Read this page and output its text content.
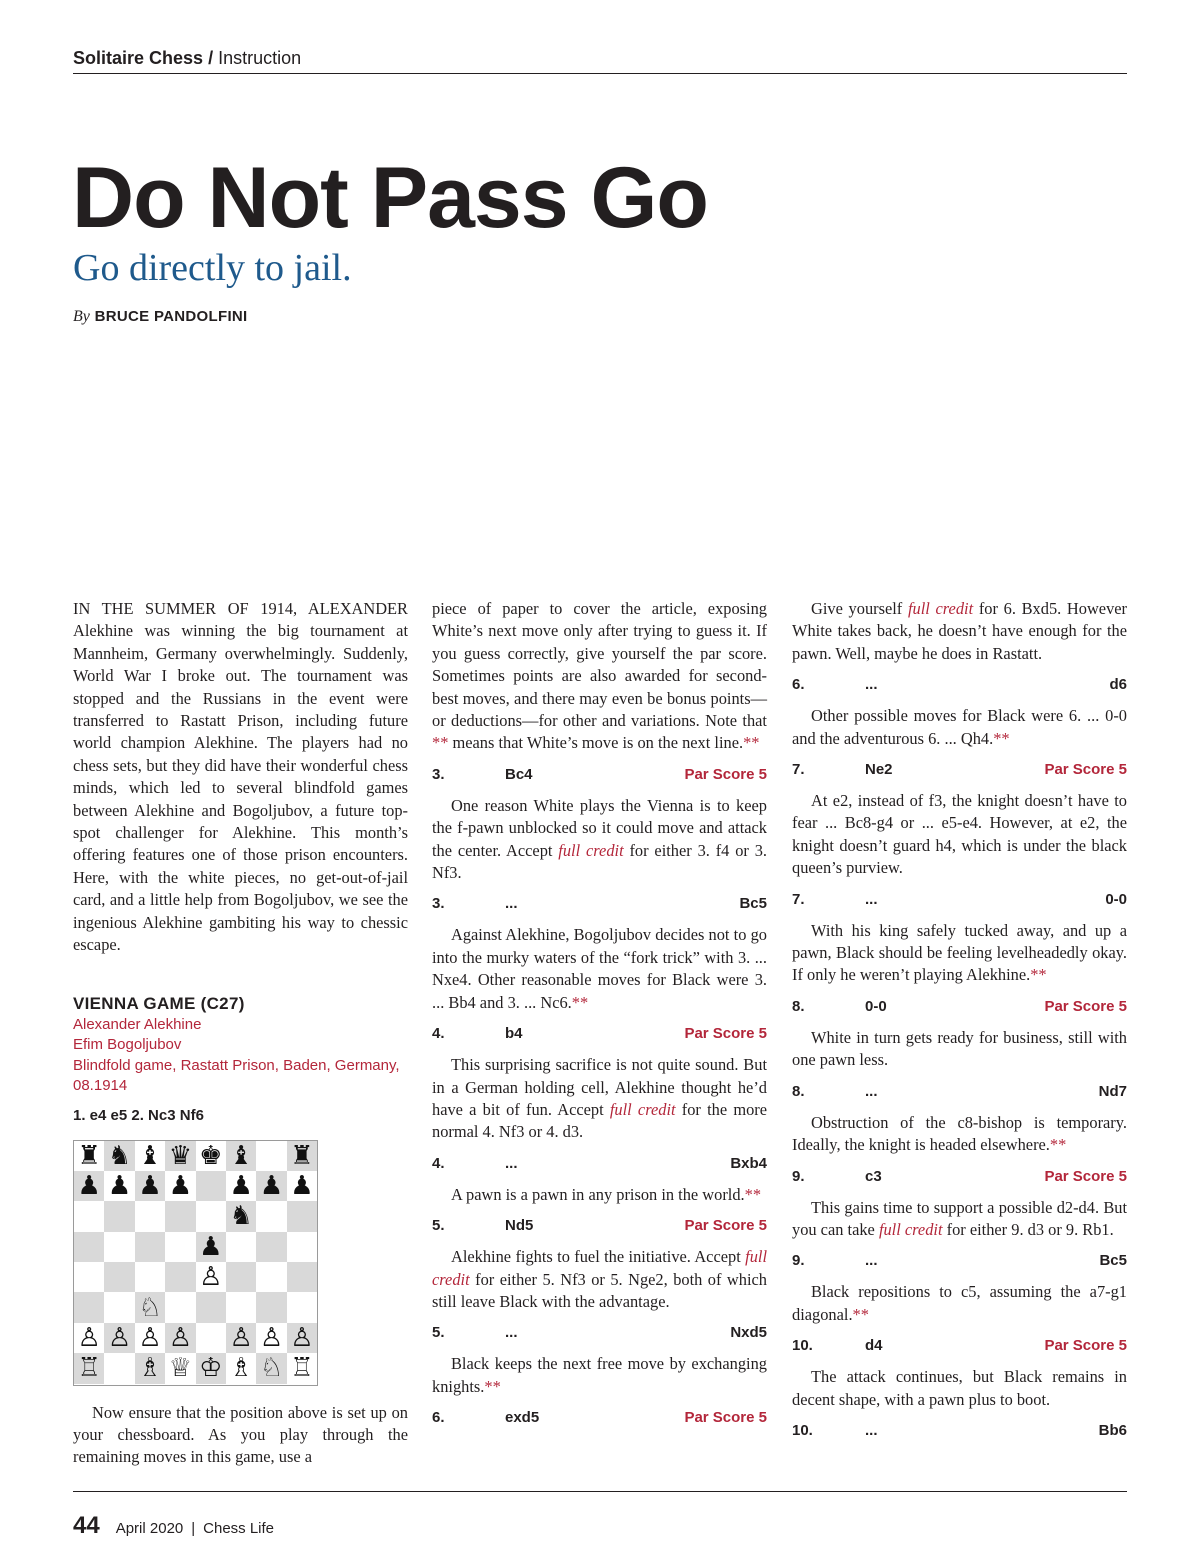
Solitaire Chess / Instruction
Do Not Pass Go
Go directly to jail.
By BRUCE PANDOLFINI

IN THE SUMMER OF 1914, ALEXANDER Alekhine was winning the big tournament at Mannheim, Germany overwhelmingly. Suddenly, World War I broke out. The tournament was stopped and the Russians in the event were transferred to Rastatt Prison, including future world champion Alekhine. The players had no chess sets, but they did have their wonderful chess minds, which led to several blindfold games between Alekhine and Bogoljubov, a future top-spot challenger for Alekhine. This month’s offering features one of those prison encounters. Here, with the white pieces, no get-out-of-jail card, and a little help from Bogoljubov, we see the ingenious Alekhine gambiting his way to chessic escape.

VIENNA GAME (C27)
Alexander Alekhine
Efim Bogoljubov
Blindfold game, Rastatt Prison, Baden, Germany, 08.1914
1. e4 e5 2. Nc3 Nf6
♜ ♞ ♝ ♛ ♚ ♝ ♜
♟ ♟ ♟ ♟ ♟ ♟ ♟
♞
♟
♙
♘
♙ ♙ ♙ ♙ ♙ ♙ ♙
♖ ♗ ♕ ♔ ♗ ♘ ♖

Now ensure that the position above is set up on your chessboard. As you play through the remaining moves in this game, use a

piece of paper to cover the article, exposing White’s next move only after trying to guess it. If you guess correctly, give yourself the par score. Sometimes points are also awarded for second-best moves, and there may even be bonus points—or deductions—for other and variations. Note that ** means that White’s move is on the next line.**

3.	Bc4	Par Score 5

One reason White plays the Vienna is to keep the f-pawn unblocked so it could move and attack the center. Accept full credit for either 3. f4 or 3. Nf3.

3.	...	Bc5

Against Alekhine, Bogoljubov decides not to go into the murky waters of the “fork trick” with 3. ... Nxe4. Other reasonable moves for Black were 3. ... Bb4 and 3. ... Nc6.**

4.	b4	Par Score 5

This surprising sacrifice is not quite sound. But in a German holding cell, Alekhine thought he’d have a bit of fun. Accept full credit for the more normal 4. Nf3 or 4. d3.

4.	...	Bxb4

A pawn is a pawn in any prison in the world.**

5.	Nd5	Par Score 5

Alekhine fights to fuel the initiative. Accept full credit for either 5. Nf3 or 5. Nge2, both of which still leave Black with the advantage.

5.	...	Nxd5

Black keeps the next free move by exchanging knights.**

6.	exd5	Par Score 5

Give yourself full credit for 6. Bxd5. However White takes back, he doesn’t have enough for the pawn. Well, maybe he does in Rastatt.

6.	...	d6

Other possible moves for Black were 6. ... 0-0 and the adventurous 6. ... Qh4.**

7.	Ne2	Par Score 5

At e2, instead of f3, the knight doesn’t have to fear ... Bc8-g4 or ... e5-e4. However, at e2, the knight doesn’t guard h4, which is under the black queen’s purview.

7.	...	0-0

With his king safely tucked away, and up a pawn, Black should be feeling levelheadedly okay. If only he weren’t playing Alekhine.**

8.	0-0	Par Score 5

White in turn gets ready for business, still with one pawn less.

8.	...	Nd7

Obstruction of the c8-bishop is temporary. Ideally, the knight is headed elsewhere.**

9.	c3	Par Score 5

This gains time to support a possible d2-d4. But you can take full credit for either 9. d3 or 9. Rb1.

9.	...	Bc5

Black repositions to c5, assuming the a7-g1 diagonal.**

10.	d4	Par Score 5

The attack continues, but Black remains in decent shape, with a pawn plus to boot.

10.	...	Bb6
44 April 2020 | Chess Life
